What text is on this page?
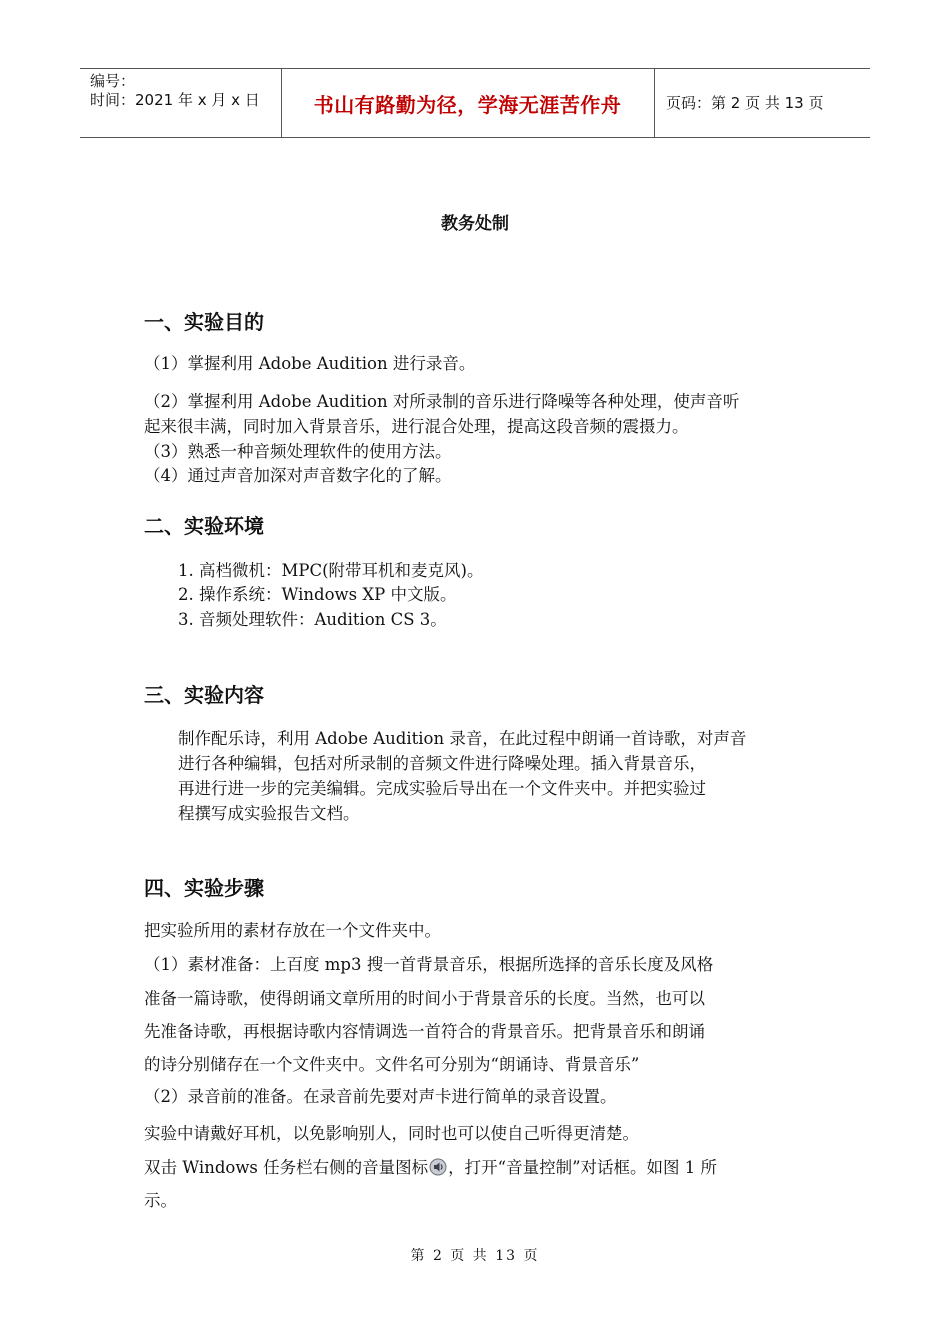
编号：
时间：2021 年 x 月 x 日	书山有路勤为径，学海无涯苦作舟	页码：第 2 页 共 13 页
教务处制
一、实验目的
（1）掌握利用 Adobe Audition 进行录音。
（2）掌握利用 Adobe Audition 对所录制的音乐进行降噪等各种处理，使声音听
起来很丰满，同时加入背景音乐，进行混合处理，提高这段音频的震摄力。
（3）熟悉一种音频处理软件的使用方法。
（4）通过声音加深对声音数字化的了解。
二、实验环境
1. 高档微机：MPC(附带耳机和麦克风)。
2. 操作系统：Windows XP 中文版。
3. 音频处理软件：Audition CS 3。
三、实验内容
制作配乐诗，利用 Adobe Audition 录音，在此过程中朗诵一首诗歌，对声音
进行各种编辑，包括对所录制的音频文件进行降噪处理。插入背景音乐，
再进行进一步的完美编辑。完成实验后导出在一个文件夹中。并把实验过
程撰写成实验报告文档。
四、实验步骤
把实验所用的素材存放在一个文件夹中。
（1）素材准备：上百度 mp3 搜一首背景音乐，根据所选择的音乐长度及风格
准备一篇诗歌，使得朗诵文章所用的时间小于背景音乐的长度。当然，也可以
先准备诗歌，再根据诗歌内容情调选一首符合的背景音乐。把背景音乐和朗诵
的诗分别储存在一个文件夹中。文件名可分别为“朗诵诗、背景音乐”
（2）录音前的准备。在录音前先要对声卡进行简单的录音设置。
实验中请戴好耳机，以免影响别人，同时也可以使自己听得更清楚。
双击 Windows 任务栏右侧的音量图标 ，打开“音量控制”对话框。如图 1 所
示。
第 2 页 共 13 页
